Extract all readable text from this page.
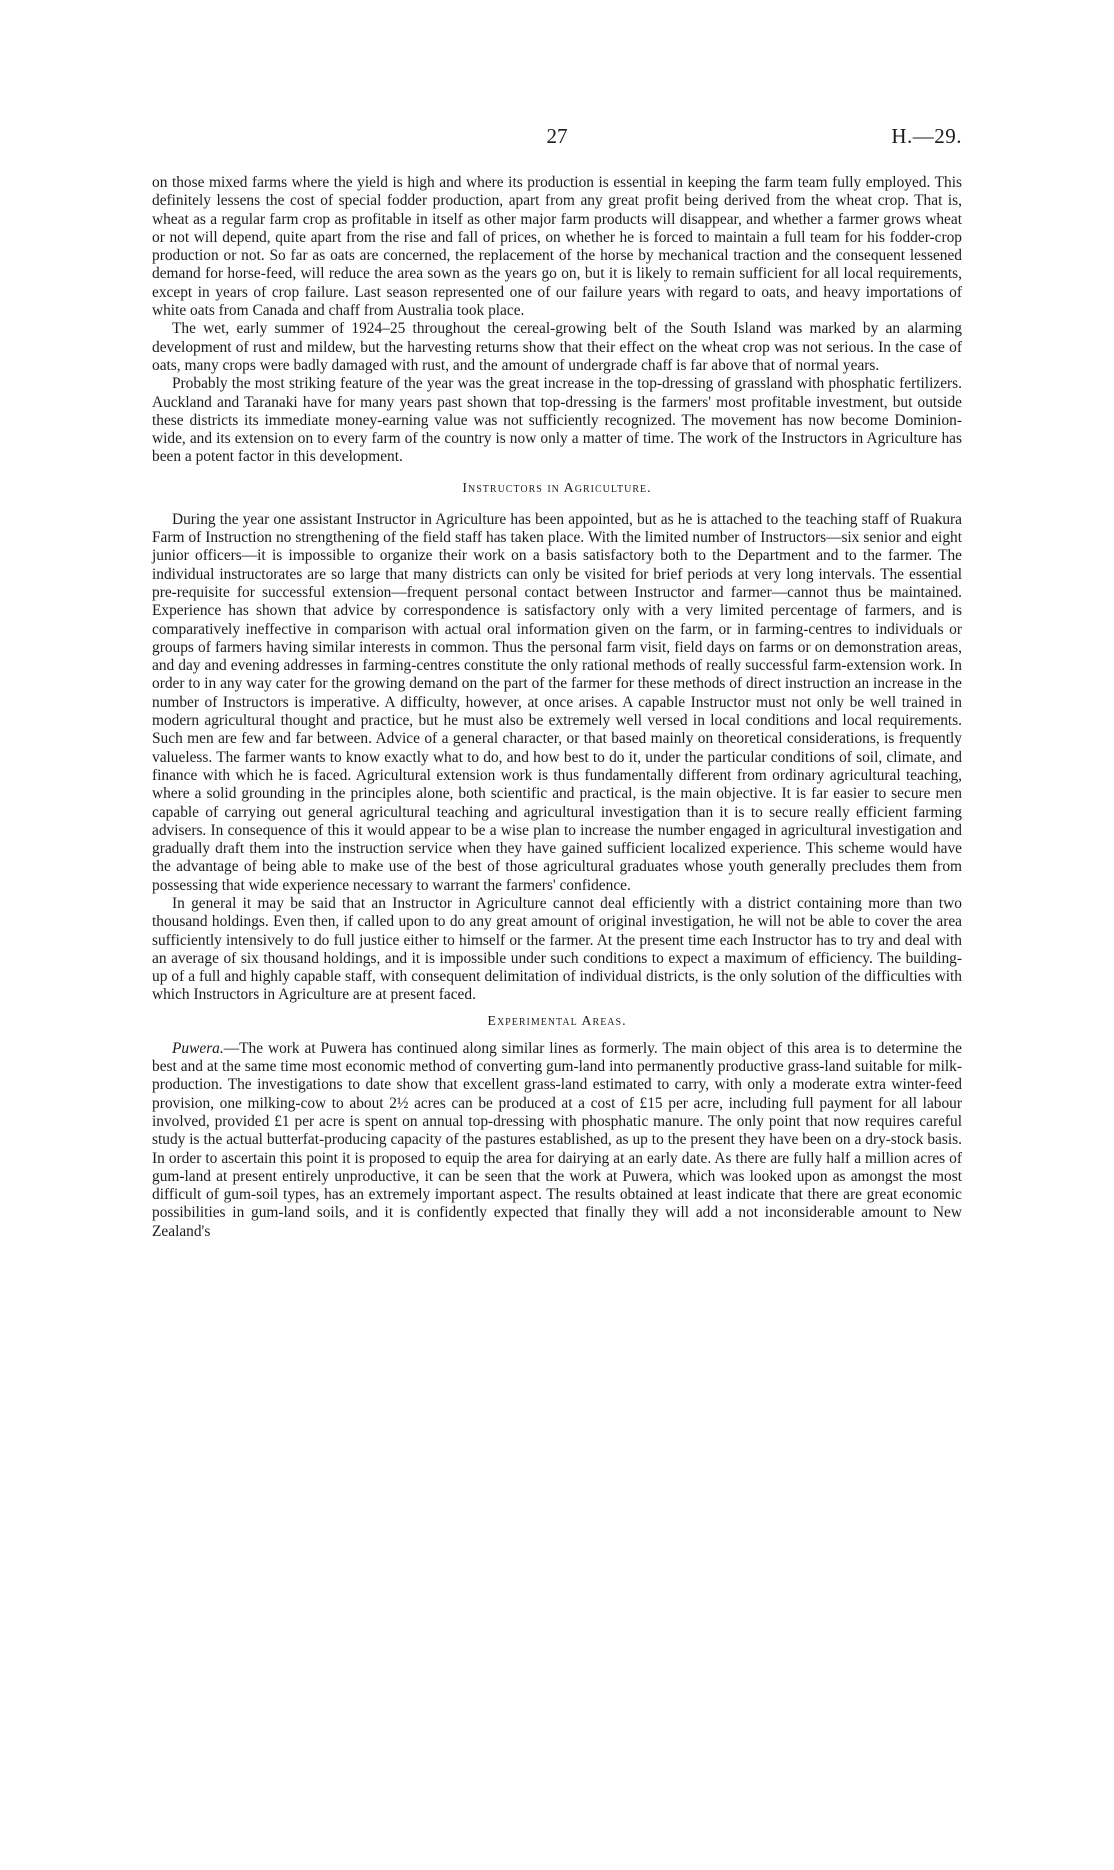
27	H.—29.

on those mixed farms where the yield is high and where its production is essential in keeping the farm team fully employed. This definitely lessens the cost of special fodder production, apart from any great profit being derived from the wheat crop. That is, wheat as a regular farm crop as profitable in itself as other major farm products will disappear, and whether a farmer grows wheat or not will depend, quite apart from the rise and fall of prices, on whether he is forced to maintain a full team for his fodder-crop production or not. So far as oats are concerned, the replacement of the horse by mechanical traction and the consequent lessened demand for horse-feed, will reduce the area sown as the years go on, but it is likely to remain sufficient for all local requirements, except in years of crop failure. Last season represented one of our failure years with regard to oats, and heavy importations of white oats from Canada and chaff from Australia took place.

The wet, early summer of 1924–25 throughout the cereal-growing belt of the South Island was marked by an alarming development of rust and mildew, but the harvesting returns show that their effect on the wheat crop was not serious. In the case of oats, many crops were badly damaged with rust, and the amount of undergrade chaff is far above that of normal years.

Probably the most striking feature of the year was the great increase in the top-dressing of grassland with phosphatic fertilizers. Auckland and Taranaki have for many years past shown that top-dressing is the farmers' most profitable investment, but outside these districts its immediate money-earning value was not sufficiently recognized. The movement has now become Dominion-wide, and its extension on to every farm of the country is now only a matter of time. The work of the Instructors in Agriculture has been a potent factor in this development.

Instructors in Agriculture.

During the year one assistant Instructor in Agriculture has been appointed, but as he is attached to the teaching staff of Ruakura Farm of Instruction no strengthening of the field staff has taken place. With the limited number of Instructors—six senior and eight junior officers—it is impossible to organize their work on a basis satisfactory both to the Department and to the farmer. The individual instructorates are so large that many districts can only be visited for brief periods at very long intervals. The essential pre-requisite for successful extension—frequent personal contact between Instructor and farmer—cannot thus be maintained. Experience has shown that advice by correspondence is satisfactory only with a very limited percentage of farmers, and is comparatively ineffective in comparison with actual oral information given on the farm, or in farming-centres to individuals or groups of farmers having similar interests in common. Thus the personal farm visit, field days on farms or on demonstration areas, and day and evening addresses in farming-centres constitute the only rational methods of really successful farm-extension work. In order to in any way cater for the growing demand on the part of the farmer for these methods of direct instruction an increase in the number of Instructors is imperative. A difficulty, however, at once arises. A capable Instructor must not only be well trained in modern agricultural thought and practice, but he must also be extremely well versed in local conditions and local requirements. Such men are few and far between. Advice of a general character, or that based mainly on theoretical considerations, is frequently valueless. The farmer wants to know exactly what to do, and how best to do it, under the particular conditions of soil, climate, and finance with which he is faced. Agricultural extension work is thus fundamentally different from ordinary agricultural teaching, where a solid grounding in the principles alone, both scientific and practical, is the main objective. It is far easier to secure men capable of carrying out general agricultural teaching and agricultural investigation than it is to secure really efficient farming advisers. In consequence of this it would appear to be a wise plan to increase the number engaged in agricultural investigation and gradually draft them into the instruction service when they have gained sufficient localized experience. This scheme would have the advantage of being able to make use of the best of those agricultural graduates whose youth generally precludes them from possessing that wide experience necessary to warrant the farmers' confidence.

In general it may be said that an Instructor in Agriculture cannot deal efficiently with a district containing more than two thousand holdings. Even then, if called upon to do any great amount of original investigation, he will not be able to cover the area sufficiently intensively to do full justice either to himself or the farmer. At the present time each Instructor has to try and deal with an average of six thousand holdings, and it is impossible under such conditions to expect a maximum of efficiency. The building-up of a full and highly capable staff, with consequent delimitation of individual districts, is the only solution of the difficulties with which Instructors in Agriculture are at present faced.

Experimental Areas.

Puwera.—The work at Puwera has continued along similar lines as formerly. The main object of this area is to determine the best and at the same time most economic method of converting gum-land into permanently productive grass-land suitable for milk-production. The investigations to date show that excellent grass-land estimated to carry, with only a moderate extra winter-feed provision, one milking-cow to about 2½ acres can be produced at a cost of £15 per acre, including full payment for all labour involved, provided £1 per acre is spent on annual top-dressing with phosphatic manure. The only point that now requires careful study is the actual butterfat-producing capacity of the pastures established, as up to the present they have been on a dry-stock basis. In order to ascertain this point it is proposed to equip the area for dairying at an early date. As there are fully half a million acres of gum-land at present entirely unproductive, it can be seen that the work at Puwera, which was looked upon as amongst the most difficult of gum-soil types, has an extremely important aspect. The results obtained at least indicate that there are great economic possibilities in gum-land soils, and it is confidently expected that finally they will add a not inconsiderable amount to New Zealand's
